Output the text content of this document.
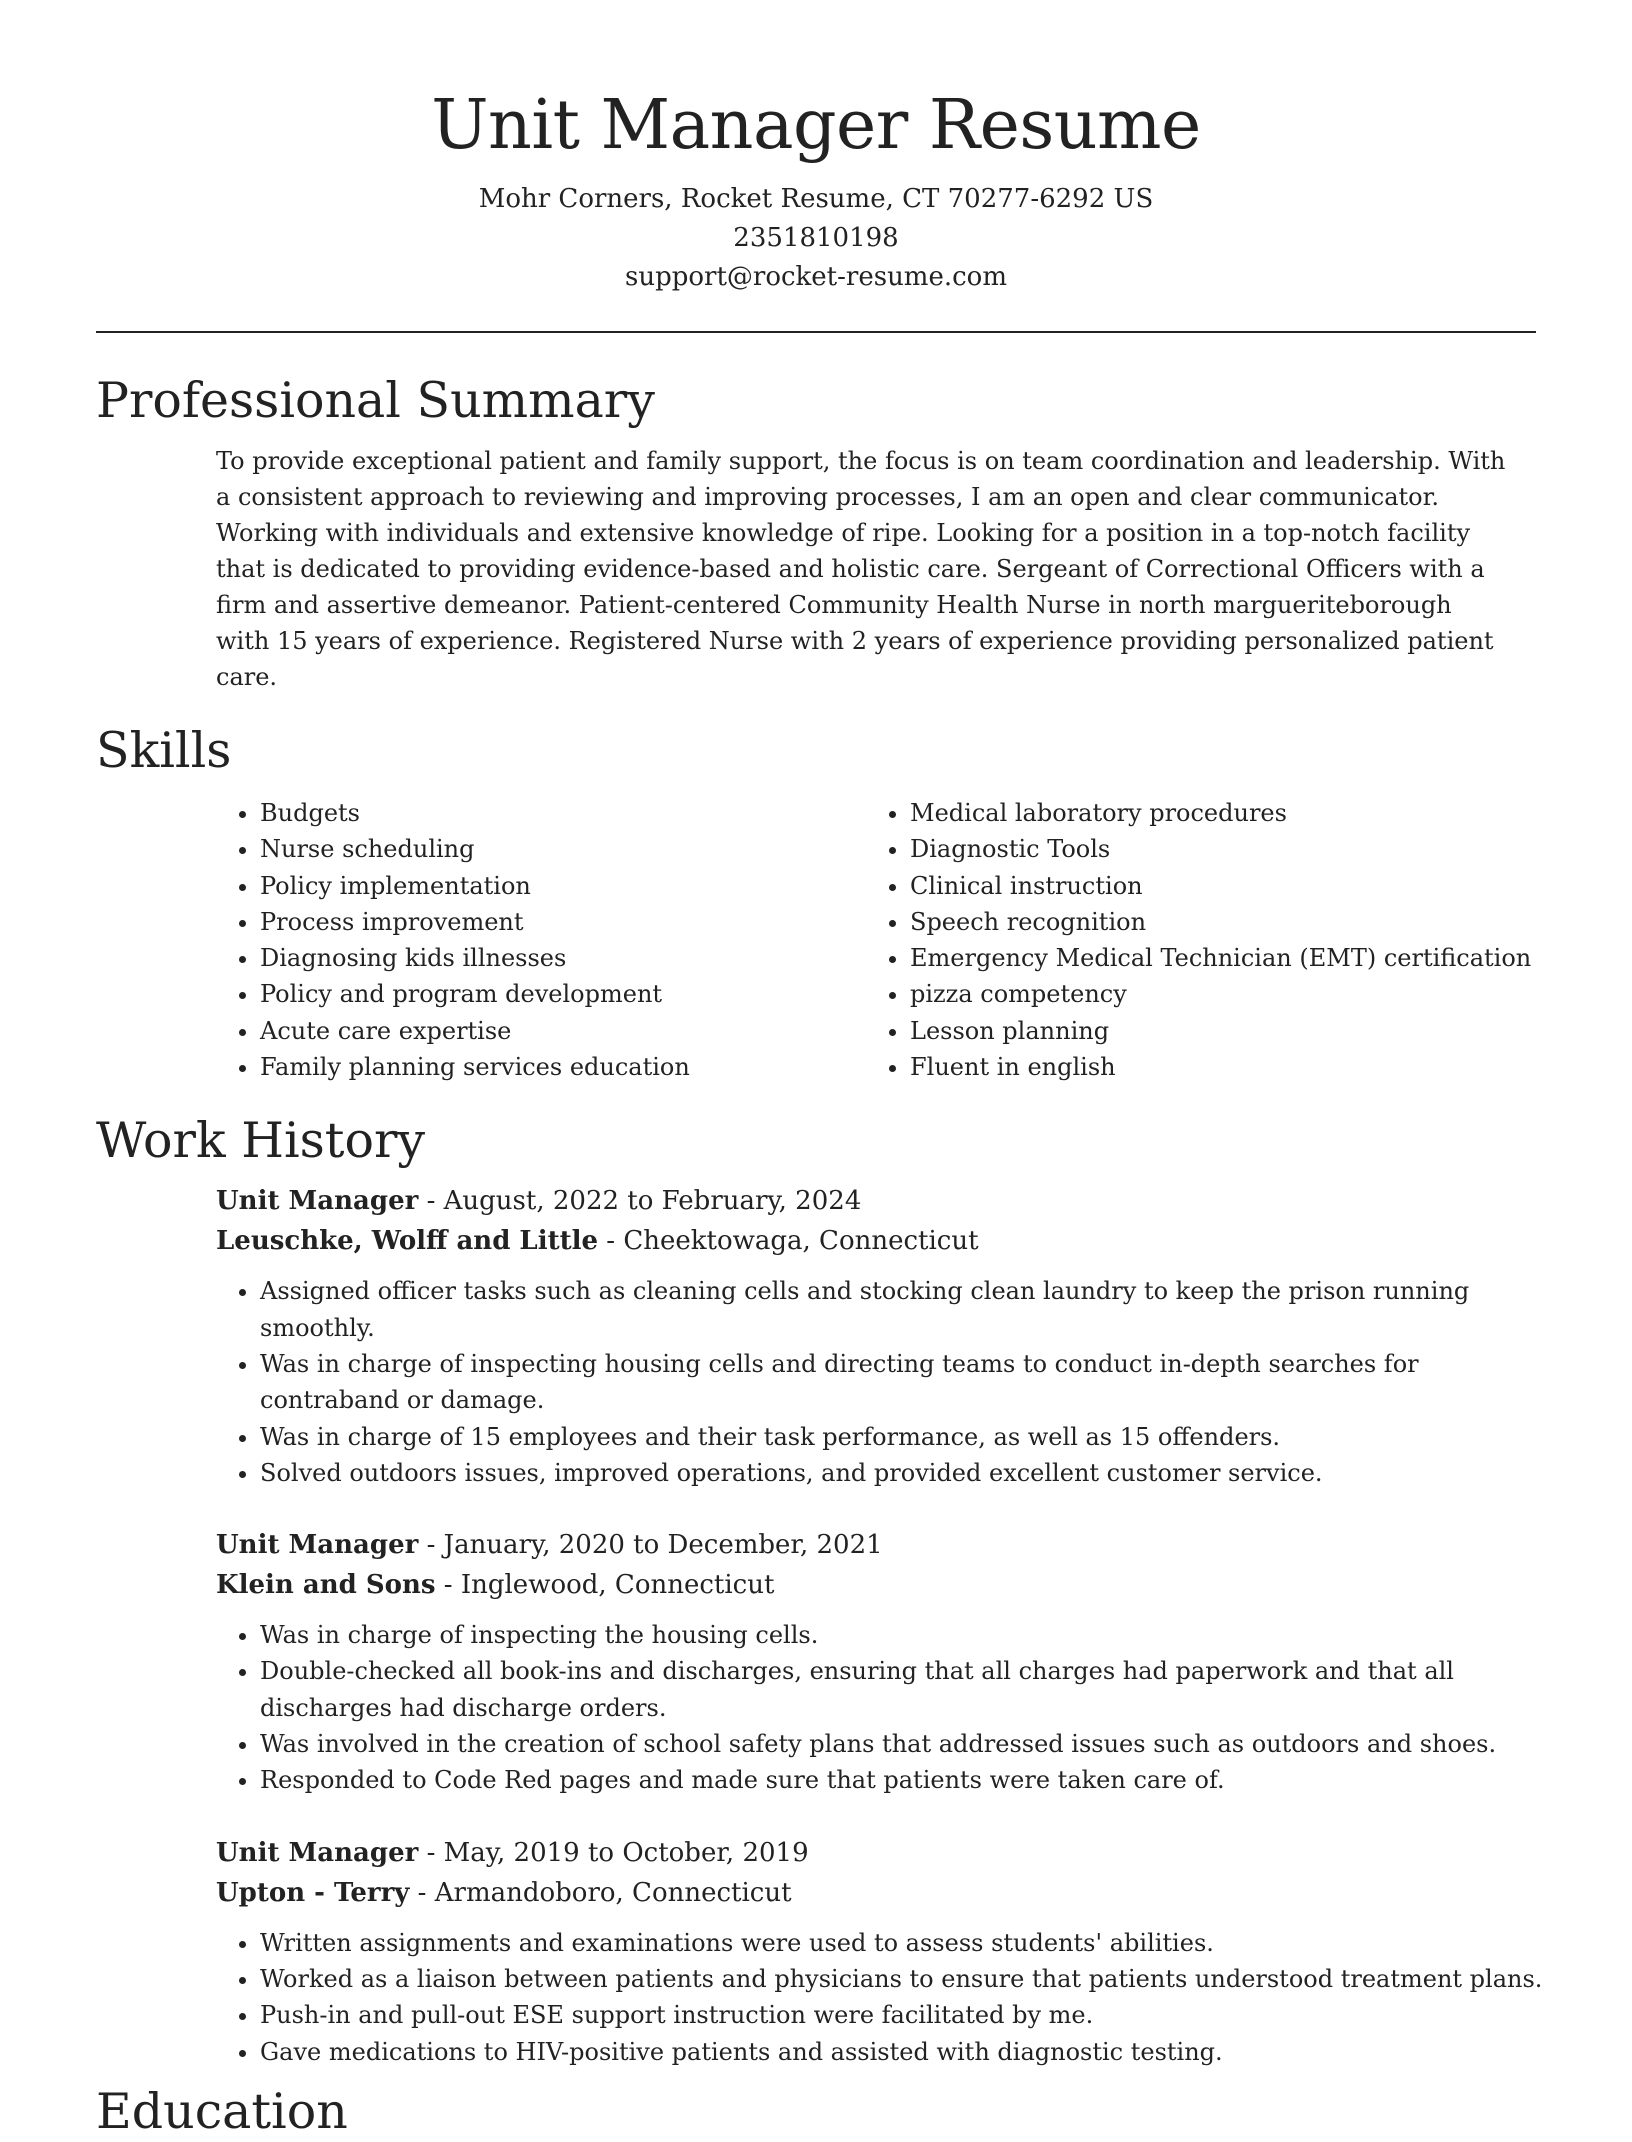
Unit Manager Resume
Mohr Corners, Rocket Resume, CT 70277-6292 US
2351810198
support@rocket-resume.com
Professional Summary
To provide exceptional patient and family support, the focus is on team coordination and leadership. With a consistent approach to reviewing and improving processes, I am an open and clear communicator. Working with individuals and extensive knowledge of ripe. Looking for a position in a top-notch facility that is dedicated to providing evidence-based and holistic care. Sergeant of Correctional Officers with a firm and assertive demeanor. Patient-centered Community Health Nurse in north margueriteborough with 15 years of experience. Registered Nurse with 2 years of experience providing personalized patient care.
Skills
• Budgets
• Nurse scheduling
• Policy implementation
• Process improvement
• Diagnosing kids illnesses
• Policy and program development
• Acute care expertise
• Family planning services education
• Medical laboratory procedures
• Diagnostic Tools
• Clinical instruction
• Speech recognition
• Emergency Medical Technician (EMT) certification
• pizza competency
• Lesson planning
• Fluent in english
Work History
Unit Manager - August, 2022 to February, 2024
Leuschke, Wolff and Little - Cheektowaga, Connecticut
• Assigned officer tasks such as cleaning cells and stocking clean laundry to keep the prison running smoothly.
• Was in charge of inspecting housing cells and directing teams to conduct in-depth searches for contraband or damage.
• Was in charge of 15 employees and their task performance, as well as 15 offenders.
• Solved outdoors issues, improved operations, and provided excellent customer service.
Unit Manager - January, 2020 to December, 2021
Klein and Sons - Inglewood, Connecticut
• Was in charge of inspecting the housing cells.
• Double-checked all book-ins and discharges, ensuring that all charges had paperwork and that all discharges had discharge orders.
• Was involved in the creation of school safety plans that addressed issues such as outdoors and shoes.
• Responded to Code Red pages and made sure that patients were taken care of.
Unit Manager - May, 2019 to October, 2019
Upton - Terry - Armandoboro, Connecticut
• Written assignments and examinations were used to assess students' abilities.
• Worked as a liaison between patients and physicians to ensure that patients understood treatment plans.
• Push-in and pull-out ESE support instruction were facilitated by me.
• Gave medications to HIV-positive patients and assisted with diagnostic testing.
Education
